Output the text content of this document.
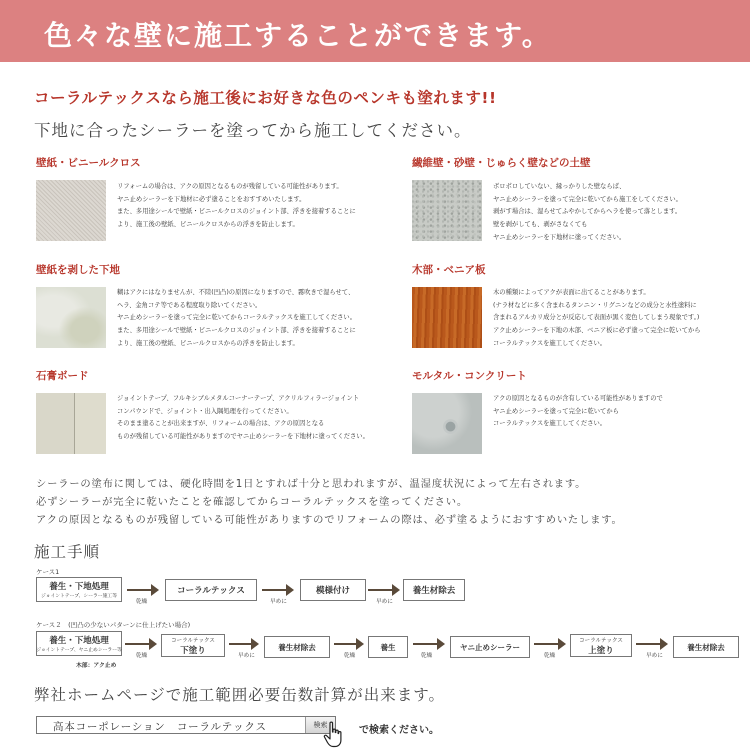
色々な壁に施工することができます。
コーラルテックスなら施工後にお好きな色のペンキも塗れます!!
下地に合ったシーラーを塗ってから施工してください。
壁紙・ビニールクロス
リフォームの場合は、アクの原因となるものが残留している可能性があります。
ヤニ止めシーラーを下地材に必ず塗ることをおすすめいたします。
また、多用途シールで壁紙・ビニールクロスのジョイント部、浮きを接着することに
より、施工後の壁紙、ビニールクロスからの浮きを防止します。
繊維壁・砂壁・じゅらく壁などの土壁
ボロボロしていない、縁っかりした壁ならば、
ヤニ止めシーラーを塗って完全に乾いてから施工をしてください。
剥がす場合は、湿らせてふやかしてからヘラを使って落とします。
壁を剥がしても、剥がさなくても
ヤニ止めシーラーを下地材に塗ってください。
壁紙を剥した下地
糊はアクにはなりませんが、不陸(凹凸)の原因になりますので、霧吹きで湿らせて、
ヘラ、金角コテ等である程度取り除いてください。
ヤニ止めシーラーを塗って完全に乾いてからコーラルテックスを施工してください。
また、多用途シールで壁紙・ビニールクロスのジョイント部、浮きを接着することに
より、施工後の壁紙、ビニールクロスからの浮きを防止します。
木部・ベニア板
木の種類によってアクが表面に出てることがあります。
(ナラ材などに多く含まれるタンニン・リグニンなどの成分と水性塗料に
含まれるアルカリ成分とが反応して表面が黒く変色してしまう現象です。)
アク止めシーラーを下地の木部、ベニア板に必ず塗って完全に乾いてから
コーラルテックスを施工してください。
石膏ボード
ジョイントテープ、フルキシブルメタルコーナーテープ、アクリルフィラージョイント
コンパウンドで、ジョイント・出入隅処理を行ってください。
そのまま塗ることが出来ますが、リフォームの場合は、アクの原因となる
ものが残留している可能性がありますのでヤニ止めシーラーを下地材に塗ってください。
モルタル・コンクリート
アクの原因となるものが含有している可能性がありますので
ヤニ止めシーラーを塗って完全に乾いてから
コーラルテックスを施工してください。
シーラーの塗布に関しては、硬化時間を1日とすれば十分と思われますが、温湿度状況によって左右されます。
必ずシーラーが完全に乾いたことを確認してからコーラルテックスを塗ってください。
アクの原因となるものが残留している可能性がありますのでリフォームの際は、必ず塗るようにおすすめいたします。
施工手順
ケース1
養生・下地処理
ジョイントテープ、シーラー施工等
乾燥
コーラルテックス
早めに
模様付け
早めに
養生材除去
ケース２　(凹凸の少ないパターンに仕上げたい場合)
養生・下地処理
ジョイントテープ、ヤニ止めシーラー等
木部：アク止め
乾燥
コーラルテックス
下塗り
早めに
養生材除去
乾燥
養生
乾燥
ヤニ止めシーラー
乾燥
コーラルテックス
上塗り
早めに
養生材除去
弊社ホームページで施工範囲必要缶数計算が出来ます。
高本コーポレーション　コーラルテックス	検索	で検索ください。
